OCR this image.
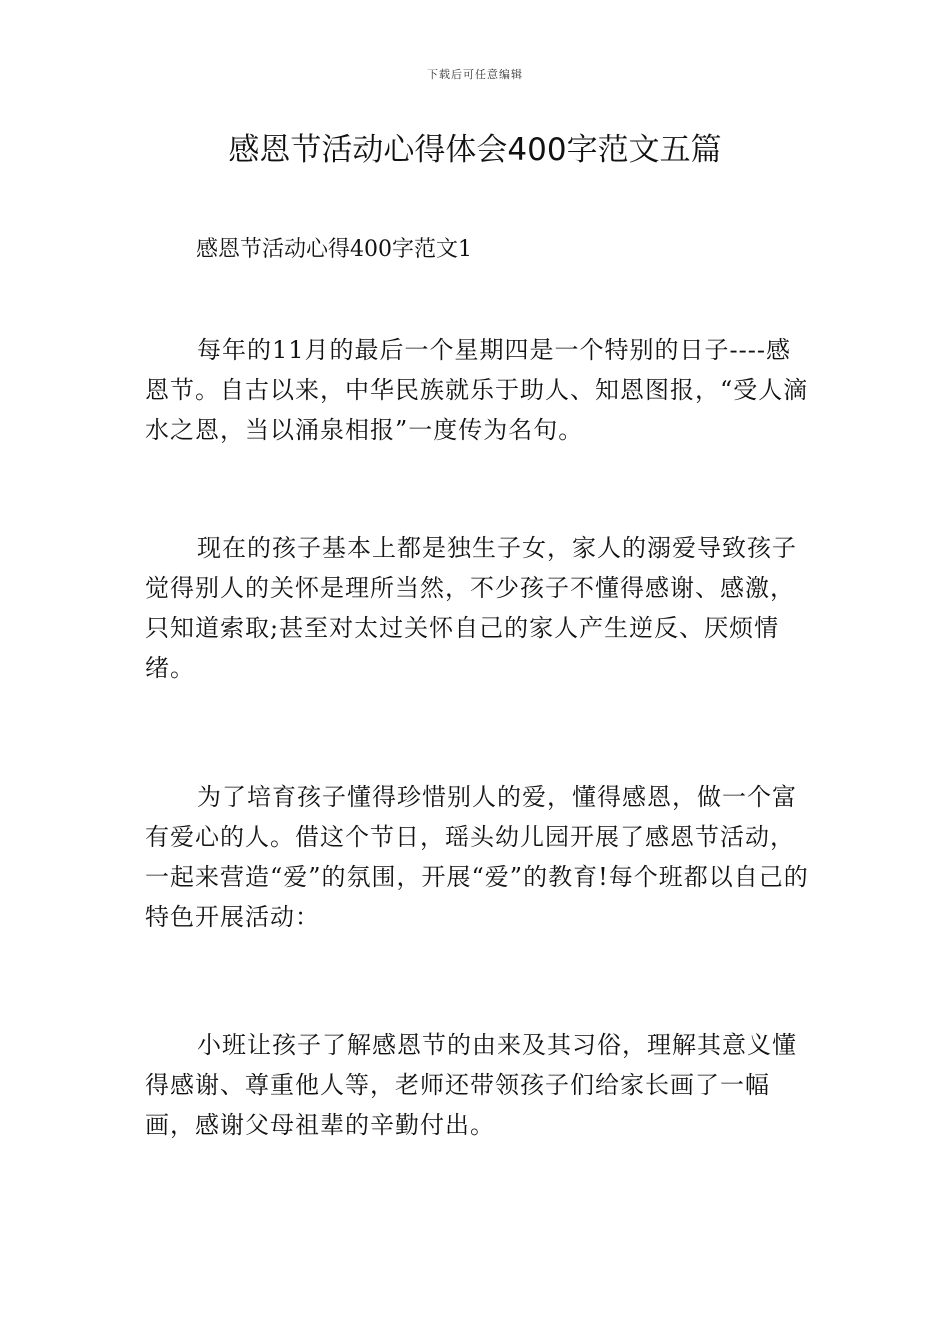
下载后可任意编辑
感恩节活动心得体会400字范文五篇

感恩节活动心得400字范文1

每年的11月的最后一个星期四是一个特别的日子----感恩节。自古以来，中华民族就乐于助人、知恩图报，“受人滴水之恩，当以涌泉相报”一度传为名句。

现在的孩子基本上都是独生子女，家人的溺爱导致孩子觉得别人的关怀是理所当然，不少孩子不懂得感谢、感激，只知道索取;甚至对太过关怀自己的家人产生逆反、厌烦情绪。

为了培育孩子懂得珍惜别人的爱，懂得感恩，做一个富有爱心的人。借这个节日，瑶头幼儿园开展了感恩节活动，一起来营造“爱”的氛围，开展“爱”的教育!每个班都以自己的特色开展活动：

小班让孩子了解感恩节的由来及其习俗，理解其意义懂得感谢、尊重他人等，老师还带领孩子们给家长画了一幅画，感谢父母祖辈的辛勤付出。
